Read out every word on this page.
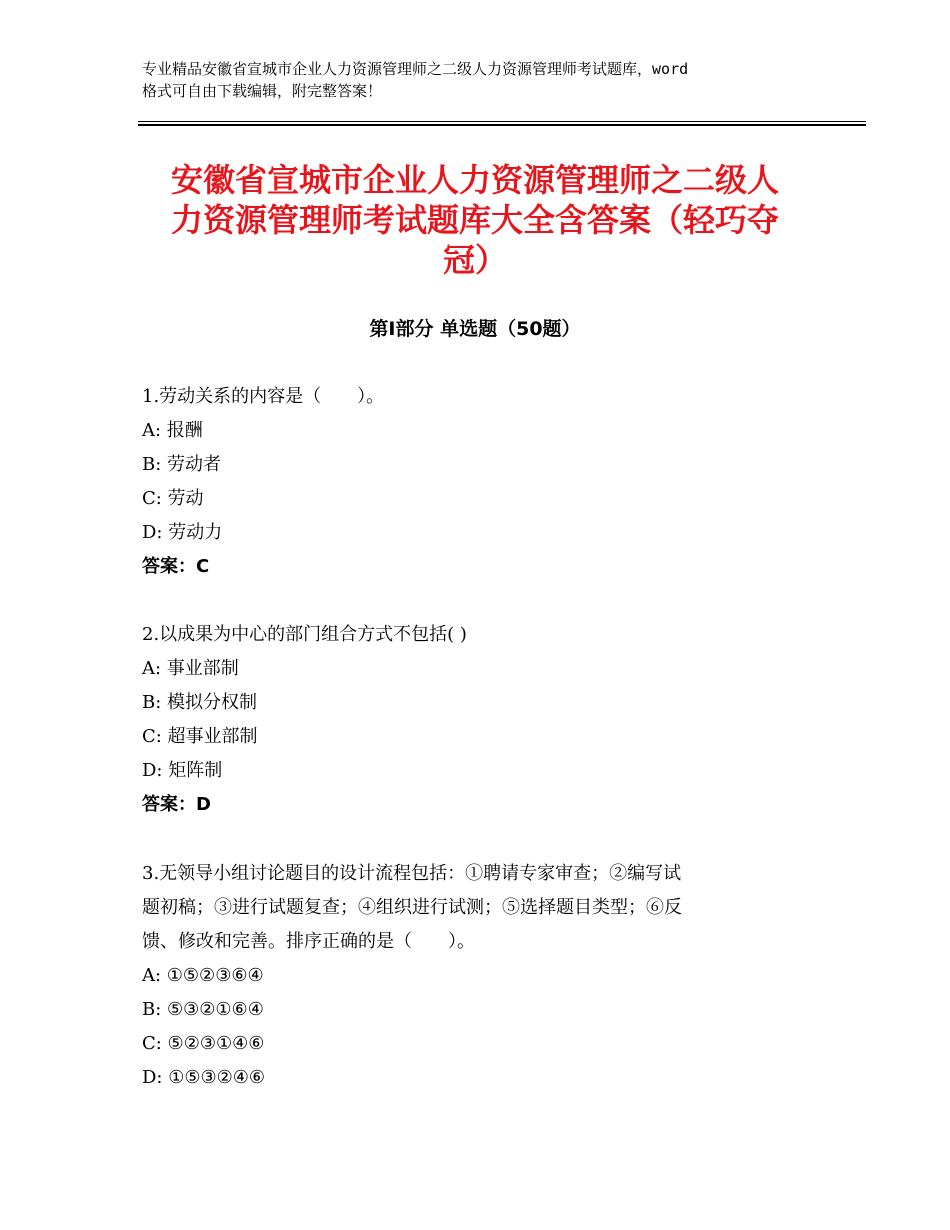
专业精品安徽省宣城市企业人力资源管理师之二级人力资源管理师考试题库，word
格式可自由下载编辑，附完整答案！
安徽省宣城市企业人力资源管理师之二级人
力资源管理师考试题库大全含答案（轻巧夺
冠）
第Ⅰ部分 单选题（50题）
1.劳动关系的内容是（　　）。
A: 报酬
B: 劳动者
C: 劳动
D: 劳动力
答案：C
2.以成果为中心的部门组合方式不包括( )
A: 事业部制
B: 模拟分权制
C: 超事业部制
D: 矩阵制
答案：D
3.无领导小组讨论题目的设计流程包括：①聘请专家审查；②编写试
题初稿；③进行试题复查；④组织进行试测；⑤选择题目类型；⑥反
馈、修改和完善。排序正确的是（　　）。
A: ①⑤②③⑥④
B: ⑤③②①⑥④
C: ⑤②③①④⑥
D: ①⑤③②④⑥
